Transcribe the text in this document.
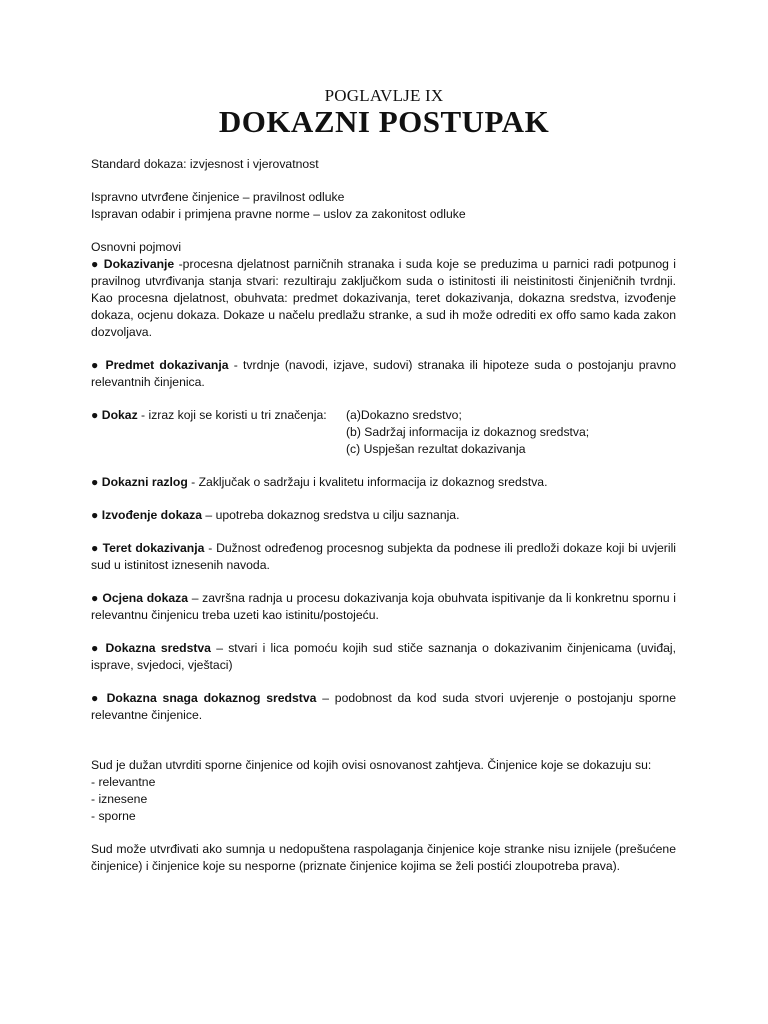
POGLAVLJE IX
DOKAZNI POSTUPAK

Standard dokaza: izvjesnost i vjerovatnost

Ispravno utvrđene činjenice – pravilnost odluke

Ispravan odabir i primjena pravne norme – uslov za zakonitost odluke

Osnovni pojmovi

● Dokazivanje -procesna djelatnost parničnih stranaka i suda koje se preduzima u parnici radi potpunog i pravilnog utvrđivanja stanja stvari: rezultiraju zaključkom suda o istinitosti ili neistinitosti činjeničnih tvrdnji. Kao procesna djelatnost, obuhvata: predmet dokazivanja, teret dokazivanja, dokazna sredstva, izvođenje dokaza, ocjenu dokaza. Dokaze u načelu predlažu stranke, a sud ih može odrediti ex offo samo kada zakon dozvoljava.

● Predmet dokazivanja - tvrdnje (navodi, izjave, sudovi) stranaka ili hipoteze suda o postojanju pravno relevantnih činjenica.

● Dokaz - izraz koji se koristi u tri značenja:	(a)Dokazno sredstvo;
(b) Sadržaj informacija iz dokaznog sredstva;
(c) Uspješan rezultat dokazivanja

● Dokazni razlog - Zaključak o sadržaju i kvalitetu informacija iz dokaznog sredstva.

● Izvođenje dokaza – upotreba dokaznog sredstva u cilju saznanja.

● Teret dokazivanja - Dužnost određenog procesnog subjekta da podnese ili predloži dokaze koji bi uvjerili sud u istinitost iznesenih navoda.

● Ocjena dokaza – završna radnja u procesu dokazivanja koja obuhvata ispitivanje da li konkretnu spornu i relevantnu činjenicu treba uzeti kao istinitu/postojeću.

● Dokazna sredstva – stvari i lica pomoću kojih sud stiče saznanja o dokazivanim činjenicama (uviđaj, isprave, svjedoci, vještaci)

● Dokazna snaga dokaznog sredstva – podobnost da kod suda stvori uvjerenje o postojanju sporne relevantne činjenice.

Sud je dužan utvrditi sporne činjenice od kojih ovisi osnovanost zahtjeva. Činjenice koje se dokazuju su:

- relevantne

- iznesene

- sporne

Sud može utvrđivati ako sumnja u nedopuštena raspolaganja činjenice koje stranke nisu iznijele (prešućene činjenice) i činjenice koje su nesporne (priznate činjenice kojima se želi postići zloupotreba prava).
